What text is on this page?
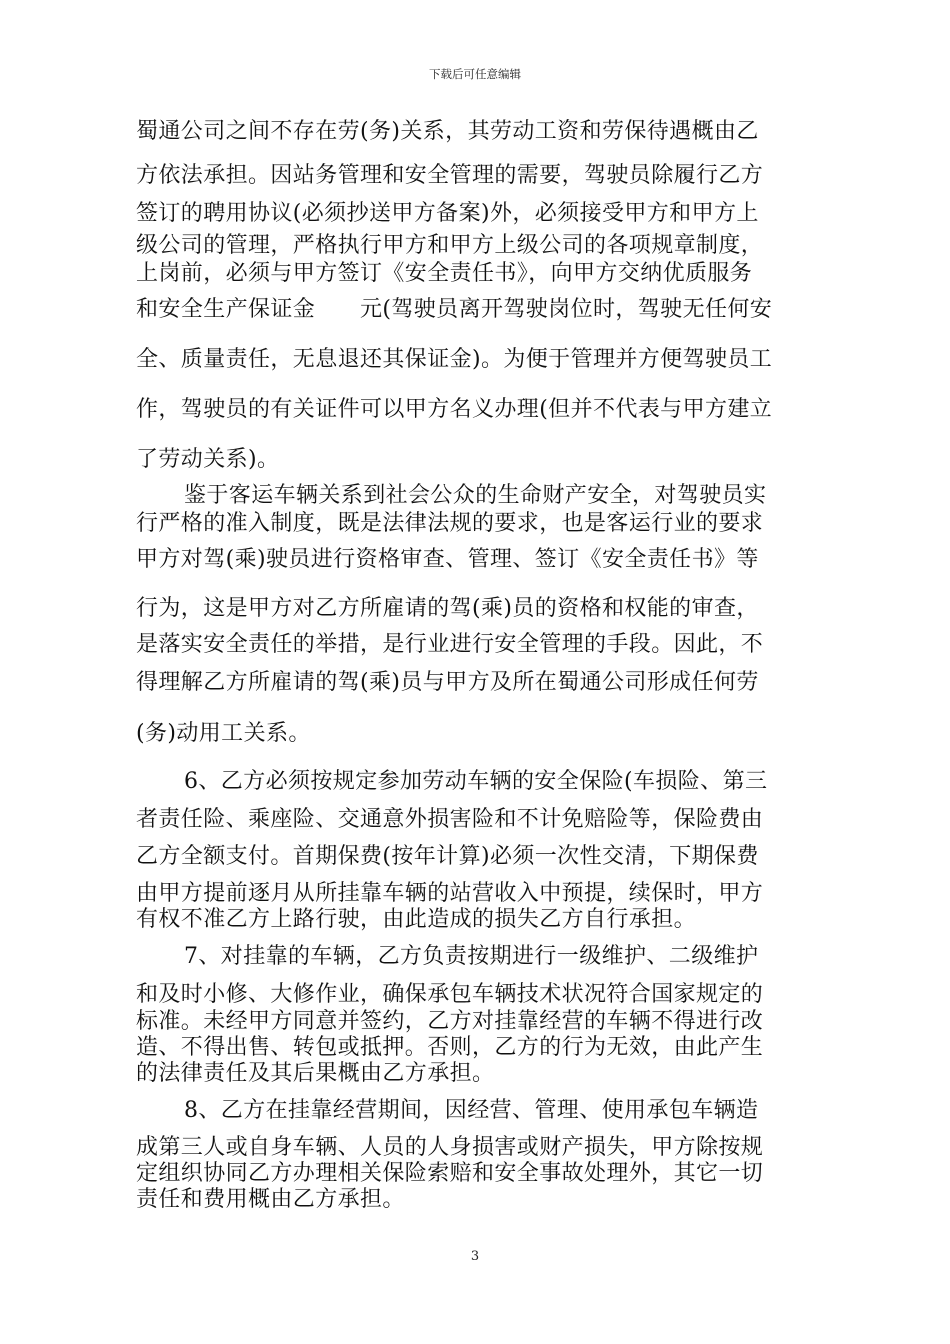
下载后可任意编辑
蜀通公司之间不存在劳(务)关系，其劳动工资和劳保待遇概由乙
方依法承担。因站务管理和安全管理的需要，驾驶员除履行乙方
签订的聘用协议(必须抄送甲方备案)外，必须接受甲方和甲方上
级公司的管理，严格执行甲方和甲方上级公司的各项规章制度，
上岗前，必须与甲方签订《安全责任书》，向甲方交纳优质服务
和安全生产保证金　　元(驾驶员离开驾驶岗位时，驾驶无任何安
全、质量责任，无息退还其保证金)。为便于管理并方便驾驶员工
作，驾驶员的有关证件可以甲方名义办理(但并不代表与甲方建立
了劳动关系)。
鉴于客运车辆关系到社会公众的生命财产安全，对驾驶员实
行严格的准入制度，既是法律法规的要求，也是客运行业的要求
甲方对驾(乘)驶员进行资格审查、管理、签订《安全责任书》等
行为，这是甲方对乙方所雇请的驾(乘)员的资格和权能的审查，
是落实安全责任的举措，是行业进行安全管理的手段。因此，不
得理解乙方所雇请的驾(乘)员与甲方及所在蜀通公司形成任何劳
(务)动用工关系。
6、乙方必须按规定参加劳动车辆的安全保险(车损险、第三
者责任险、乘座险、交通意外损害险和不计免赔险等，保险费由
乙方全额支付。首期保费(按年计算)必须一次性交清，下期保费
由甲方提前逐月从所挂靠车辆的站营收入中预提，续保时，甲方
有权不准乙方上路行驶，由此造成的损失乙方自行承担。
7、对挂靠的车辆，乙方负责按期进行一级维护、二级维护
和及时小修、大修作业，确保承包车辆技术状况符合国家规定的
标准。未经甲方同意并签约，乙方对挂靠经营的车辆不得进行改
造、不得出售、转包或抵押。否则，乙方的行为无效，由此产生
的法律责任及其后果概由乙方承担。
8、乙方在挂靠经营期间，因经营、管理、使用承包车辆造
成第三人或自身车辆、人员的人身损害或财产损失，甲方除按规
定组织协同乙方办理相关保险索赔和安全事故处理外，其它一切
责任和费用概由乙方承担。
3
